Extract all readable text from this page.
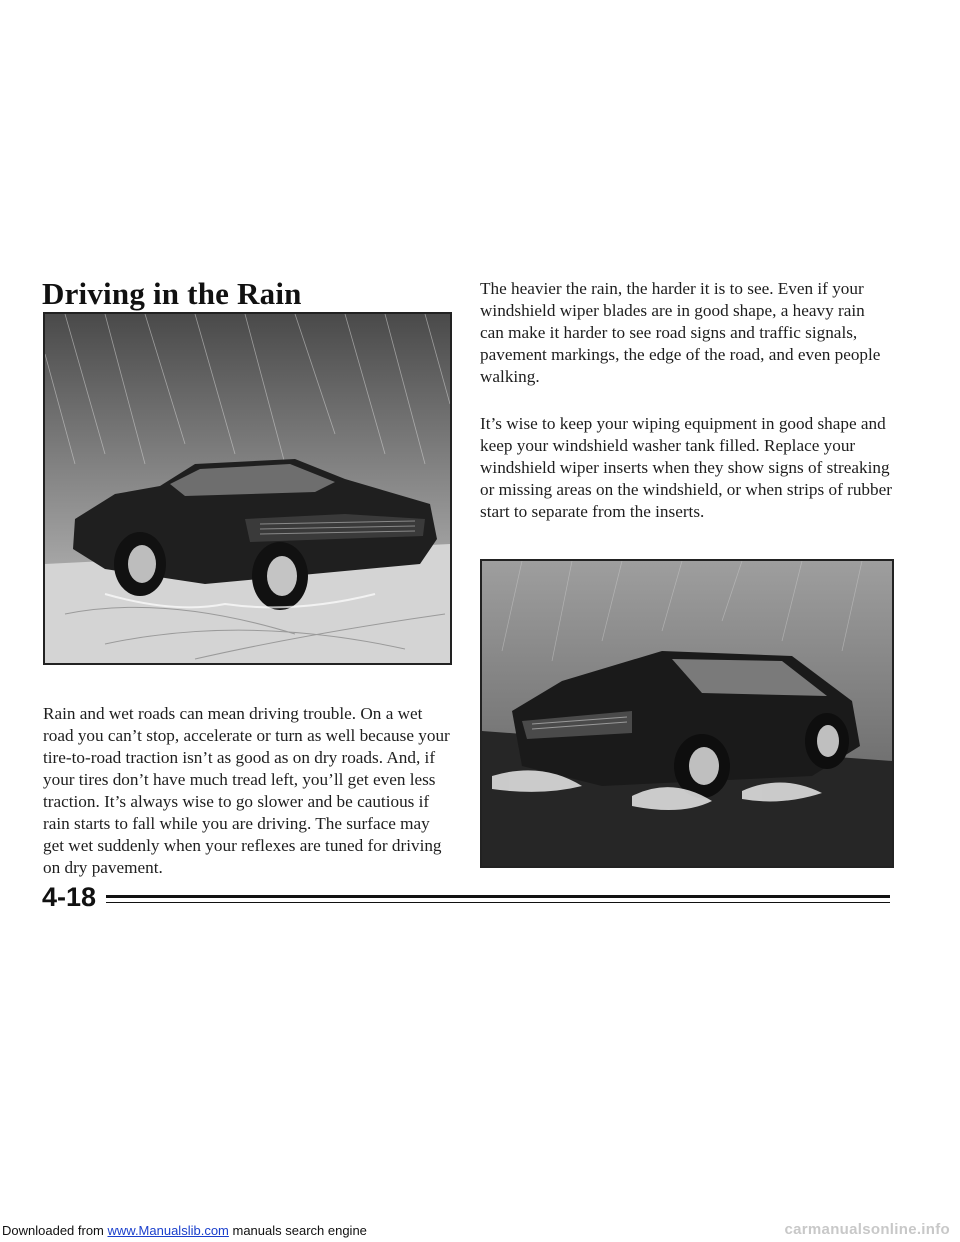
Driving in the Rain

Rain and wet roads can mean driving trouble. On a wet road you can’t stop, accelerate or turn as well because your tire-to-road traction isn’t as good as on dry roads. And, if your tires don’t have much tread left, you’ll get even less traction. It’s always wise to go slower and be cautious if rain starts to fall while you are driving. The surface may get wet suddenly when your reflexes are tuned for driving on dry pavement.

The heavier the rain, the harder it is to see. Even if your windshield wiper blades are in good shape, a heavy rain can make it harder to see road signs and traffic signals, pavement markings, the edge of the road, and even people walking.

It’s wise to keep your wiping equipment in good shape and keep your windshield washer tank filled. Replace your windshield wiper inserts when they show signs of streaking or missing areas on the windshield, or when strips of rubber start to separate from the inserts.

4-18
Downloaded from www.Manualslib.com manuals search engine	carmanualsonline.info
